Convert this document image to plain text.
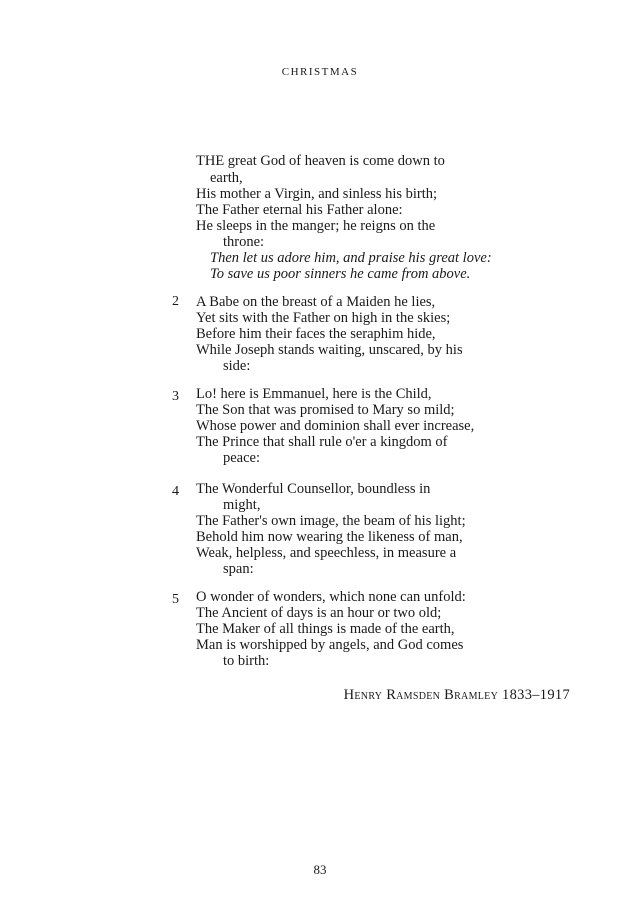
CHRISTMAS
THE great God of heaven is come down to
earth,
His mother a Virgin, and sinless his birth;
The Father eternal his Father alone:
He sleeps in the manger; he reigns on the
throne:
Then let us adore him, and praise his great love:
To save us poor sinners he came from above.
2 A Babe on the breast of a Maiden he lies,
Yet sits with the Father on high in the skies;
Before him their faces the seraphim hide,
While Joseph stands waiting, unscared, by his
side:
3 Lo! here is Emmanuel, here is the Child,
The Son that was promised to Mary so mild;
Whose power and dominion shall ever increase,
The Prince that shall rule o'er a kingdom of
peace:
4 The Wonderful Counsellor, boundless in
might,
The Father's own image, the beam of his light;
Behold him now wearing the likeness of man,
Weak, helpless, and speechless, in measure a
span:
5 O wonder of wonders, which none can unfold:
The Ancient of days is an hour or two old;
The Maker of all things is made of the earth,
Man is worshipped by angels, and God comes
to birth:
Henry Ramsden Bramley 1833–1917
83
